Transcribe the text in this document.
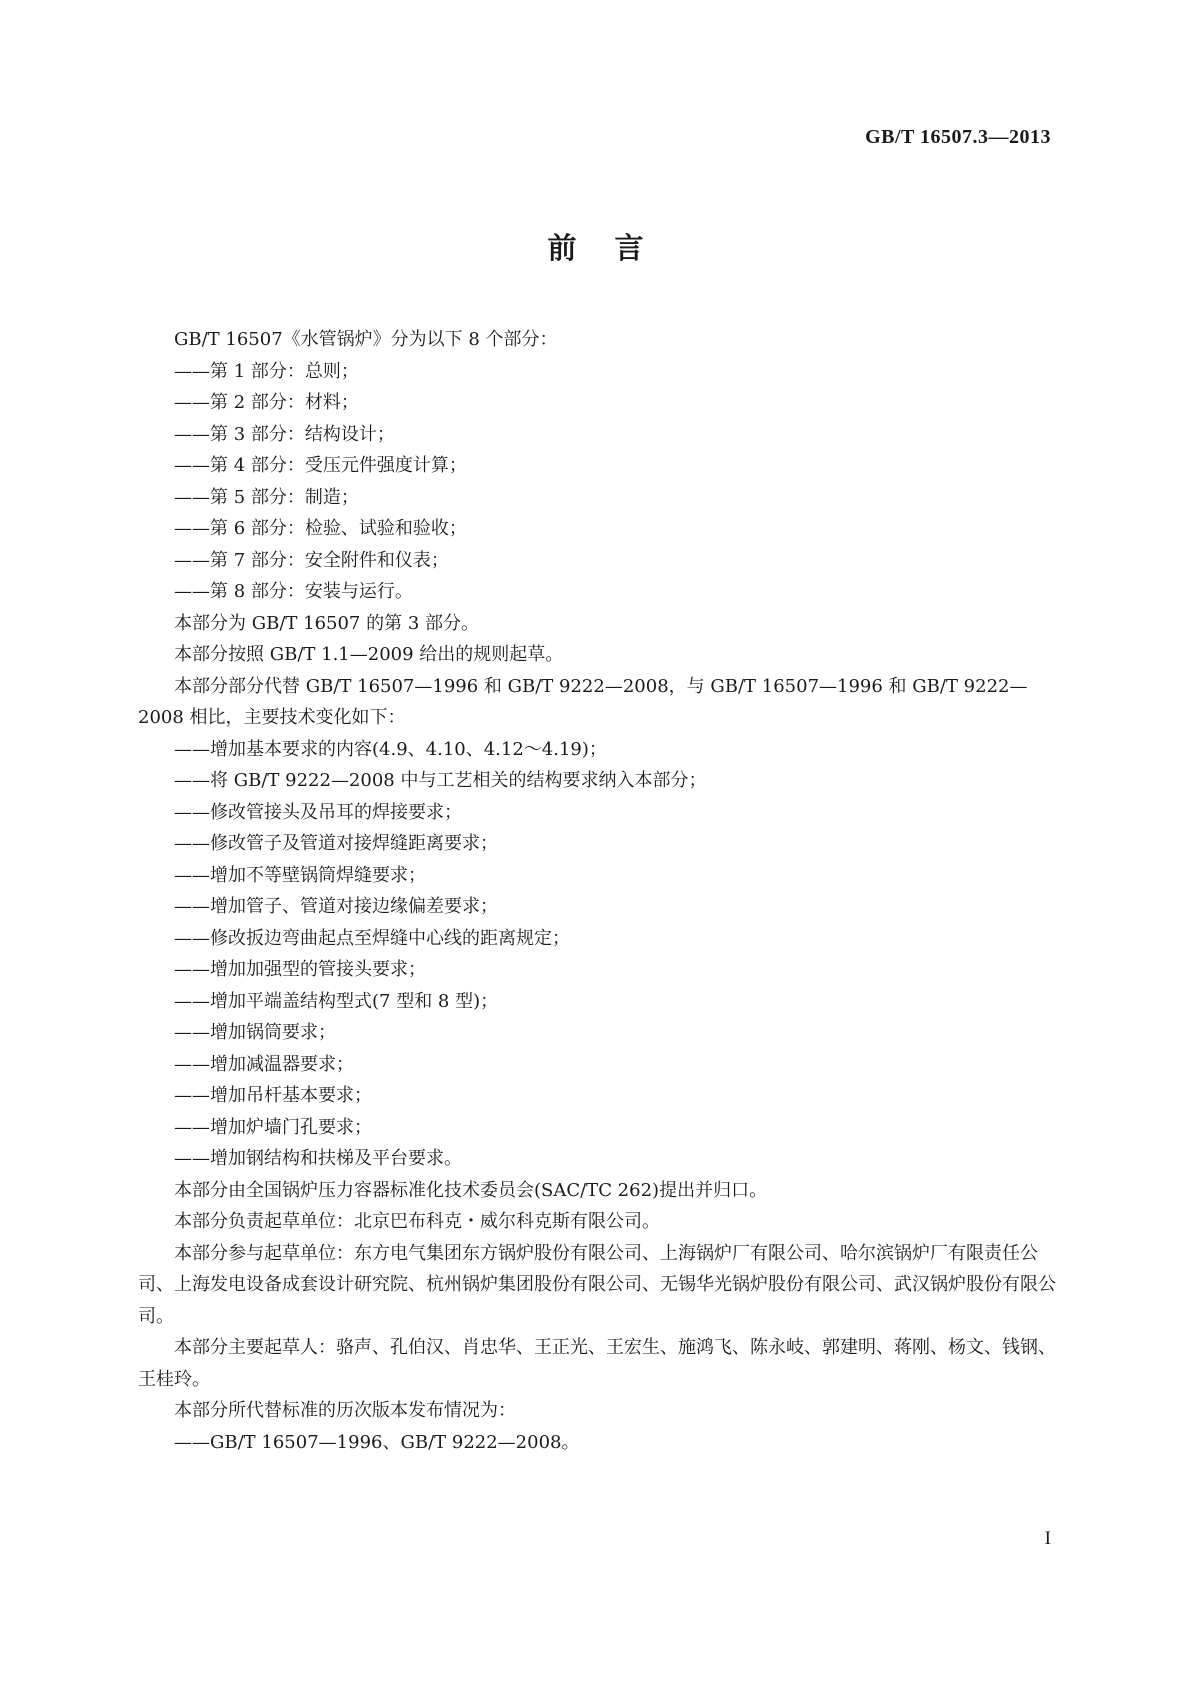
GB/T 16507.3—2013
前言

GB/T 16507《水管锅炉》分为以下 8 个部分：

——第 1 部分：总则；

——第 2 部分：材料；

——第 3 部分：结构设计；

——第 4 部分：受压元件强度计算；

——第 5 部分：制造；

——第 6 部分：检验、试验和验收；

——第 7 部分：安全附件和仪表；

——第 8 部分：安装与运行。

本部分为 GB/T 16507 的第 3 部分。

本部分按照 GB/T 1.1—2009 给出的规则起草。

本部分部分代替 GB/T 16507—1996 和 GB/T 9222—2008，与 GB/T 16507—1996 和 GB/T 9222—2008 相比，主要技术变化如下：

——增加基本要求的内容(4.9、4.10、4.12～4.19)；

——将 GB/T 9222—2008 中与工艺相关的结构要求纳入本部分；

——修改管接头及吊耳的焊接要求；

——修改管子及管道对接焊缝距离要求；

——增加不等壁锅筒焊缝要求；

——增加管子、管道对接边缘偏差要求；

——修改扳边弯曲起点至焊缝中心线的距离规定；

——增加加强型的管接头要求；

——增加平端盖结构型式(7 型和 8 型)；

——增加锅筒要求；

——增加减温器要求；

——增加吊杆基本要求；

——增加炉墙门孔要求；

——增加钢结构和扶梯及平台要求。

本部分由全国锅炉压力容器标准化技术委员会(SAC/TC 262)提出并归口。

本部分负责起草单位：北京巴布科克・威尔科克斯有限公司。

本部分参与起草单位：东方电气集团东方锅炉股份有限公司、上海锅炉厂有限公司、哈尔滨锅炉厂有限责任公司、上海发电设备成套设计研究院、杭州锅炉集团股份有限公司、无锡华光锅炉股份有限公司、武汉锅炉股份有限公司。

本部分主要起草人：骆声、孔伯汉、肖忠华、王正光、王宏生、施鸿飞、陈永岐、郭建明、蒋刚、杨文、钱钢、王桂玲。

本部分所代替标准的历次版本发布情况为：

——GB/T 16507—1996、GB/T 9222—2008。

I
